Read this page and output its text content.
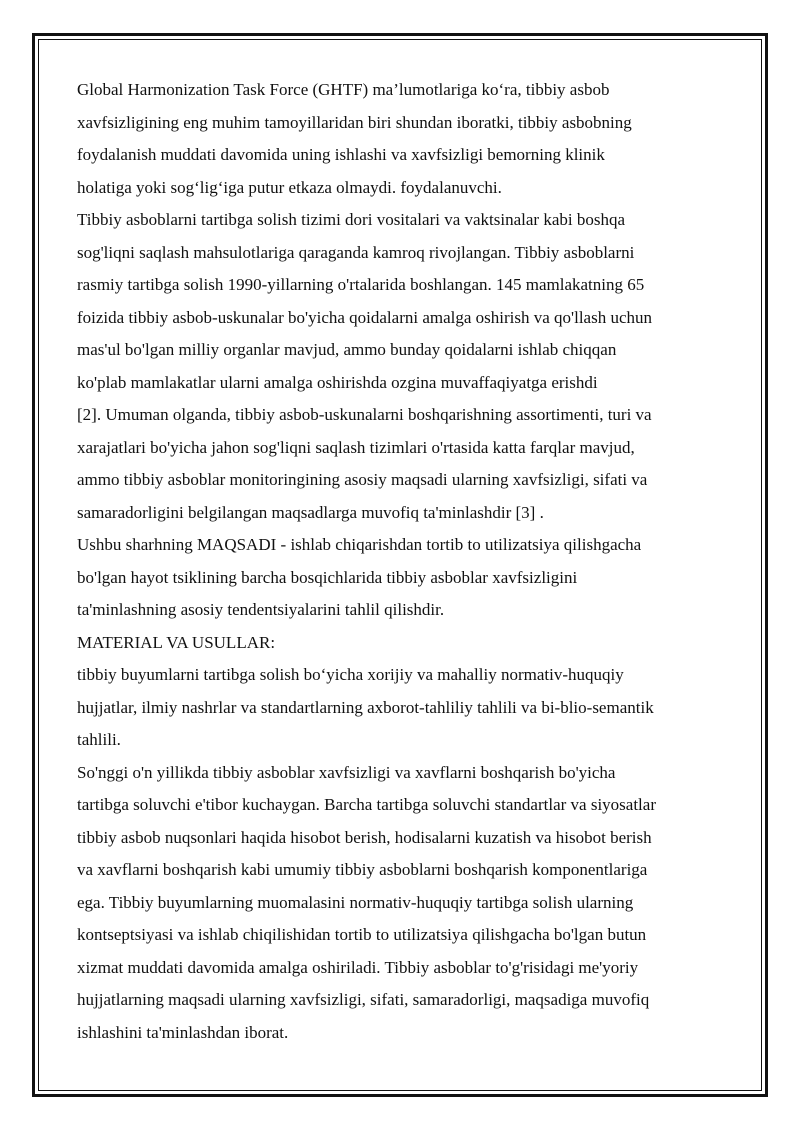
Global Harmonization Task Force (GHTF) ma’lumotlariga ko‘ra, tibbiy asbob
xavfsizligining eng muhim tamoyillaridan biri shundan iboratki, tibbiy asbobning
foydalanish muddati davomida uning ishlashi va xavfsizligi bemorning klinik
holatiga yoki sog‘lig‘iga putur etkaza olmaydi. foydalanuvchi.

Tibbiy asboblarni tartibga solish tizimi dori vositalari va vaktsinalar kabi boshqa
sog'liqni saqlash mahsulotlariga qaraganda kamroq rivojlangan. Tibbiy asboblarni
rasmiy tartibga solish 1990-yillarning o'rtalarida boshlangan. 145 mamlakatning 65
foizida tibbiy asbob-uskunalar bo'yicha qoidalarni amalga oshirish va qo'llash uchun
mas'ul bo'lgan milliy organlar mavjud, ammo bunday qoidalarni ishlab chiqqan
ko'plab mamlakatlar ularni amalga oshirishda ozgina muvaffaqiyatga erishdi
[2]. Umuman olganda, tibbiy asbob-uskunalarni boshqarishning assortimenti, turi va
xarajatlari bo'yicha jahon sog'liqni saqlash tizimlari o'rtasida katta farqlar mavjud,
ammo tibbiy asboblar monitoringining asosiy maqsadi ularning xavfsizligi, sifati va
samaradorligini belgilangan maqsadlarga muvofiq ta'minlashdir [3] .

Ushbu sharhning MAQSADI - ishlab chiqarishdan tortib to utilizatsiya qilishgacha
bo'lgan hayot tsiklining barcha bosqichlarida tibbiy asboblar xavfsizligini
ta'minlashning asosiy tendentsiyalarini tahlil qilishdir.

MATERIAL VA USULLAR:

tibbiy buyumlarni tartibga solish bo‘yicha xorijiy va mahalliy normativ-huquqiy
hujjatlar, ilmiy nashrlar va standartlarning axborot-tahliliy tahlili va bi-blio-semantik
tahlili.

So'nggi o'n yillikda tibbiy asboblar xavfsizligi va xavflarni boshqarish bo'yicha
tartibga soluvchi e'tibor kuchaygan. Barcha tartibga soluvchi standartlar va siyosatlar
tibbiy asbob nuqsonlari haqida hisobot berish, hodisalarni kuzatish va hisobot berish
va xavflarni boshqarish kabi umumiy tibbiy asboblarni boshqarish komponentlariga
ega. Tibbiy buyumlarning muomalasini normativ-huquqiy tartibga solish ularning
kontseptsiyasi va ishlab chiqilishidan tortib to utilizatsiya qilishgacha bo'lgan butun
xizmat muddati davomida amalga oshiriladi. Tibbiy asboblar to'g'risidagi me'yoriy
hujjatlarning maqsadi ularning xavfsizligi, sifati, samaradorligi, maqsadiga muvofiq
ishlashini ta'minlashdan iborat.
